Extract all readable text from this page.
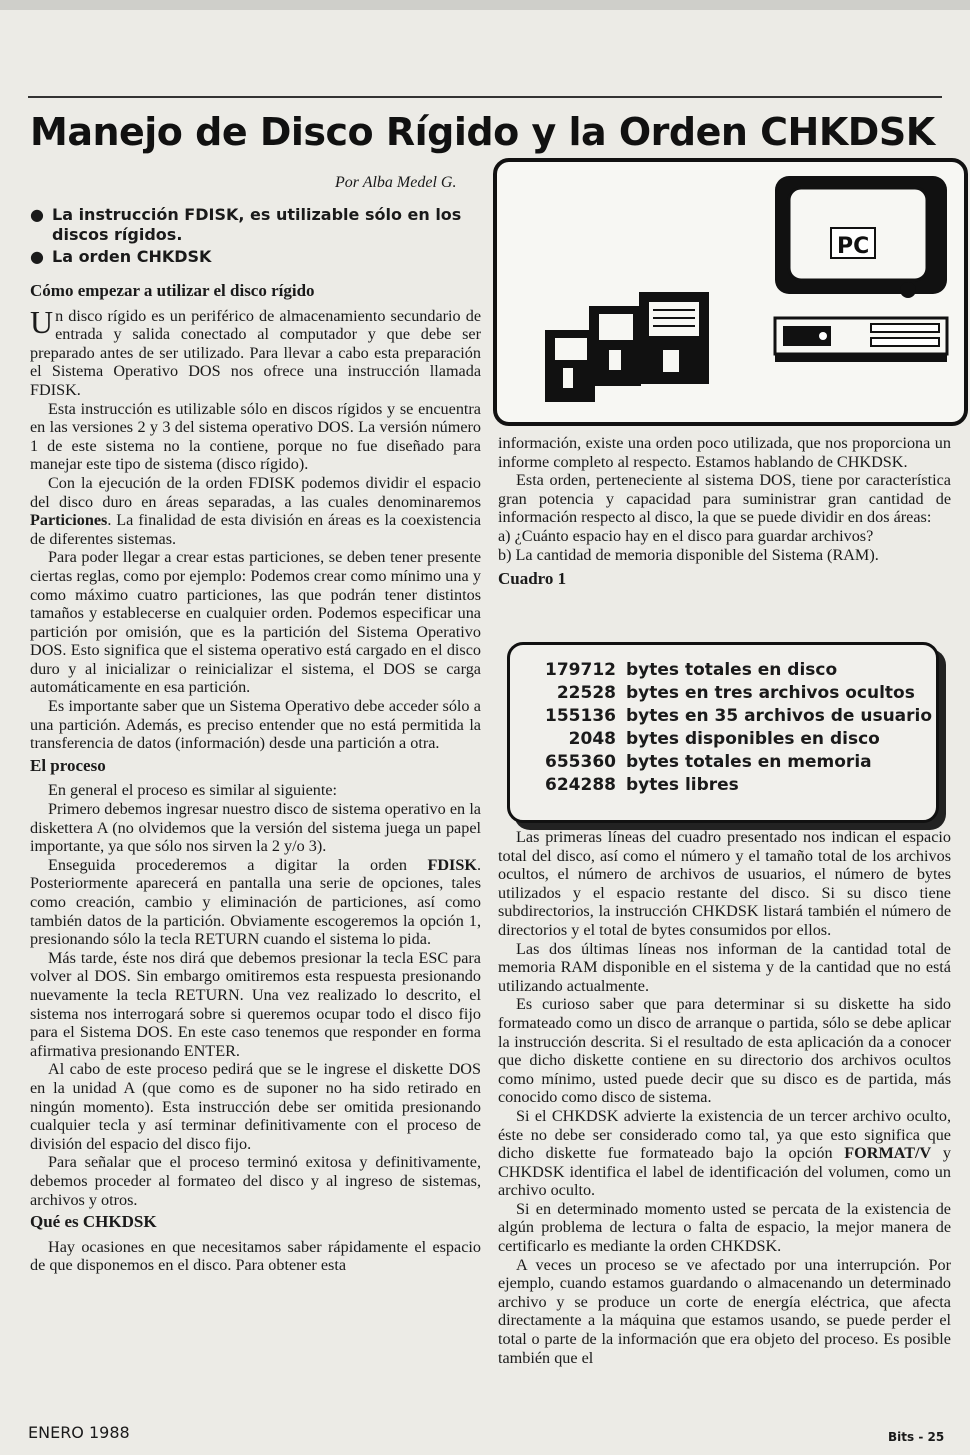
Manejo de Disco Rígido y la Orden CHKDSK
Por Alba Medel G.
● La instrucción FDISK, es utilizable sólo en los discos rígidos.
● La orden CHKDSK	PC
Cómo empezar a utilizar el disco rígido

Un disco rígido es un periférico de almacenamiento secundario de entrada y salida conectado al computador y que debe ser preparado antes de ser utilizado. Para llevar a cabo esta preparación el Sistema Operativo DOS nos ofrece una instrucción llamada FDISK.

Esta instrucción es utilizable sólo en discos rígidos y se encuentra en las versiones 2 y 3 del sistema operativo DOS. La versión número 1 de este sistema no la contiene, porque no fue diseñado para manejar este tipo de sistema (disco rígido).

Con la ejecución de la orden FDISK podemos dividir el espacio del disco duro en áreas separadas, a las cuales denominaremos Particiones. La finalidad de esta división en áreas es la coexistencia de diferentes sistemas.

Para poder llegar a crear estas particiones, se deben tener presente ciertas reglas, como por ejemplo: Podemos crear como mínimo una y como máximo cuatro particiones, las que podrán tener distintos tamaños y establecerse en cualquier orden. Podemos especificar una partición por omisión, que es la partición del Sistema Operativo DOS. Esto significa que el sistema operativo está cargado en el disco duro y al inicializar o reinicializar el sistema, el DOS se carga automáticamente en esa partición.

Es importante saber que un Sistema Operativo debe acceder sólo a una partición. Además, es preciso entender que no está permitida la transferencia de datos (información) desde una partición a otra.

El proceso

En general el proceso es similar al siguiente:

Primero debemos ingresar nuestro disco de sistema operativo en la diskettera A (no olvidemos que la versión del sistema juega un papel importante, ya que sólo nos sirven la 2 y/o 3).

Enseguida procederemos a digitar la orden FDISK. Posteriormente aparecerá en pantalla una serie de opciones, tales como creación, cambio y eliminación de particiones, así como también datos de la partición. Obviamente escogeremos la opción 1, presionando sólo la tecla RETURN cuando el sistema lo pida.

Más tarde, éste nos dirá que debemos presionar la tecla ESC para volver al DOS. Sin embargo omitiremos esta respuesta presionando nuevamente la tecla RETURN. Una vez realizado lo descrito, el sistema nos interrogará sobre si queremos ocupar todo el disco fijo para el Sistema DOS. En este caso tenemos que responder en forma afirmativa presionando ENTER.

Al cabo de este proceso pedirá que se le ingrese el diskette DOS en la unidad A (que como es de suponer no ha sido retirado en ningún momento). Esta instrucción debe ser omitida presionando cualquier tecla y así terminar definitivamente con el proceso de división del espacio del disco fijo.

Para señalar que el proceso terminó exitosa y definitivamente, debemos proceder al formateo del disco y al ingreso de sistemas, archivos y otros.

Qué es CHKDSK

Hay ocasiones en que necesitamos saber rápidamente el espacio de que disponemos en el disco. Para obtener esta

información, existe una orden poco utilizada, que nos proporciona un informe completo al respecto. Estamos hablando de CHKDSK.

Esta orden, perteneciente al sistema DOS, tiene por característica gran potencia y capacidad para suministrar gran cantidad de información respecto al disco, la que se puede dividir en dos áreas:

a) ¿Cuánto espacio hay en el disco para guardar archivos?

b) La cantidad de memoria disponible del Sistema (RAM).

Cuadro 1
179712 bytes totales en disco
22528 bytes en tres archivos ocultos
155136 bytes en 35 archivos de usuario
2048 bytes disponibles en disco
655360 bytes totales en memoria
624288 bytes libres

Las primeras líneas del cuadro presentado nos indican el espacio total del disco, así como el número y el tamaño total de los archivos ocultos, el número de archivos de usuarios, el número de bytes utilizados y el espacio restante del disco. Si su disco tiene subdirectorios, la instrucción CHKDSK listará también el número de directorios y el total de bytes consumidos por ellos.

Las dos últimas líneas nos informan de la cantidad total de memoria RAM disponible en el sistema y de la cantidad que no está utilizando actualmente.

Es curioso saber que para determinar si su diskette ha sido formateado como un disco de arranque o partida, sólo se debe aplicar la instrucción descrita. Si el resultado de esta aplicación da a conocer que dicho diskette contiene en su directorio dos archivos ocultos como mínimo, usted puede decir que su disco es de partida, más conocido como disco de sistema.

Si el CHKDSK advierte la existencia de un tercer archivo oculto, éste no debe ser considerado como tal, ya que esto significa que dicho diskette fue formateado bajo la opción FORMAT/V y CHKDSK identifica el label de identificación del volumen, como un archivo oculto.

Si en determinado momento usted se percata de la existencia de algún problema de lectura o falta de espacio, la mejor manera de certificarlo es mediante la orden CHKDSK.

A veces un proceso se ve afectado por una interrupción. Por ejemplo, cuando estamos guardando o almacenando un determinado archivo y se produce un corte de energía eléctrica, que afecta directamente a la máquina que estamos usando, se puede perder el total o parte de la información que era objeto del proceso. Es posible también que el

ENERO 1988	Bits - 25
